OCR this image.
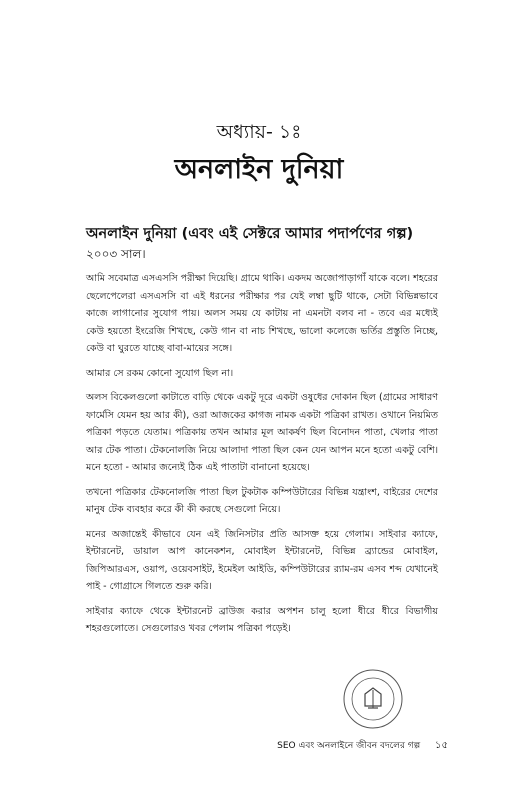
অধ্যায়- ১ঃ
অনলাইন দুনিয়া
অনলাইন দুনিয়া (এবং এই সেক্টরে আমার পদার্পণের গল্প)
২০০৩ সাল।

আমি সবেমাত্র এসএসসি পরীক্ষা দিয়েছি। গ্রামে থাকি। একদম অজোপাড়াগাঁ যাকে বলে। শহরের ছেলেপেলেরা এসএসসি বা এই ধরনের পরীক্ষার পর যেই লম্বা ছুটি থাকে, সেটা বিভিন্নভাবে কাজে লাগানোর সুযোগ পায়। অলস সময় যে কাটায় না এমনটা বলব না - তবে এর মধ্যেই কেউ হয়তো ইংরেজি শিখছে, কেউ গান বা নাচ শিখছে, ভালো কলেজে ভর্তির প্রস্তুতি নিচ্ছে, কেউ বা ঘুরতে যাচ্ছে বাবা-মায়ের সঙ্গে।

আমার সে রকম কোনো সুযোগ ছিল না।

অলস বিকেলগুলো কাটাতে বাড়ি থেকে একটু দূরে একটা ওষুধের দোকান ছিল (গ্রামের সাধারণ ফার্মেসি যেমন হয় আর কী), ওরা আজকের কাগজ নামক একটা পত্রিকা রাখত। ওখানে নিয়মিত পত্রিকা পড়তে যেতাম। পত্রিকায় তখন আমার মূল আকর্ষণ ছিল বিনোদন পাতা, খেলার পাতা আর টেক পাতা। টেকনোলজি নিয়ে আলাদা পাতা ছিল কেন যেন আপন মনে হতো একটু বেশি। মনে হতো - আমার জন্যেই ঠিক এই পাতাটা বানানো হয়েছে।

তখনো পত্রিকার টেকনোলজি পাতা ছিল টুকটাক কম্পিউটারের বিভিন্ন যন্ত্রাংশ, বাইরের দেশের মানুষ টেক ব্যবহার করে কী কী করছে সেগুলো নিয়ে।

মনের অজান্তেই কীভাবে যেন এই জিনিসটার প্রতি আসক্ত হয়ে গেলাম। সাইবার ক্যাফে, ইন্টারনেট, ডায়াল আপ কানেকশন, মোবাইল ইন্টারনেট, বিভিন্ন ব্র্যান্ডের মোবাইল, জিপিআরএস, ওয়াপ, ওয়েবসাইট, ইমেইল আইডি, কম্পিউটারের র‍্যাম-রম এসব শব্দ যেখানেই পাই - গোগ্রাসে গিলতে শুরু করি।

সাইবার ক্যাফে থেকে ইন্টারনেট ব্রাউজ করার অপশন চালু হলো ধীরে ধীরে বিভাগীয় শহরগুলোতে। সেগুলোরও খবর পেলাম পত্রিকা পড়েই।

SEO এবং অনলাইনে জীবন বদলের গল্প ১৫
